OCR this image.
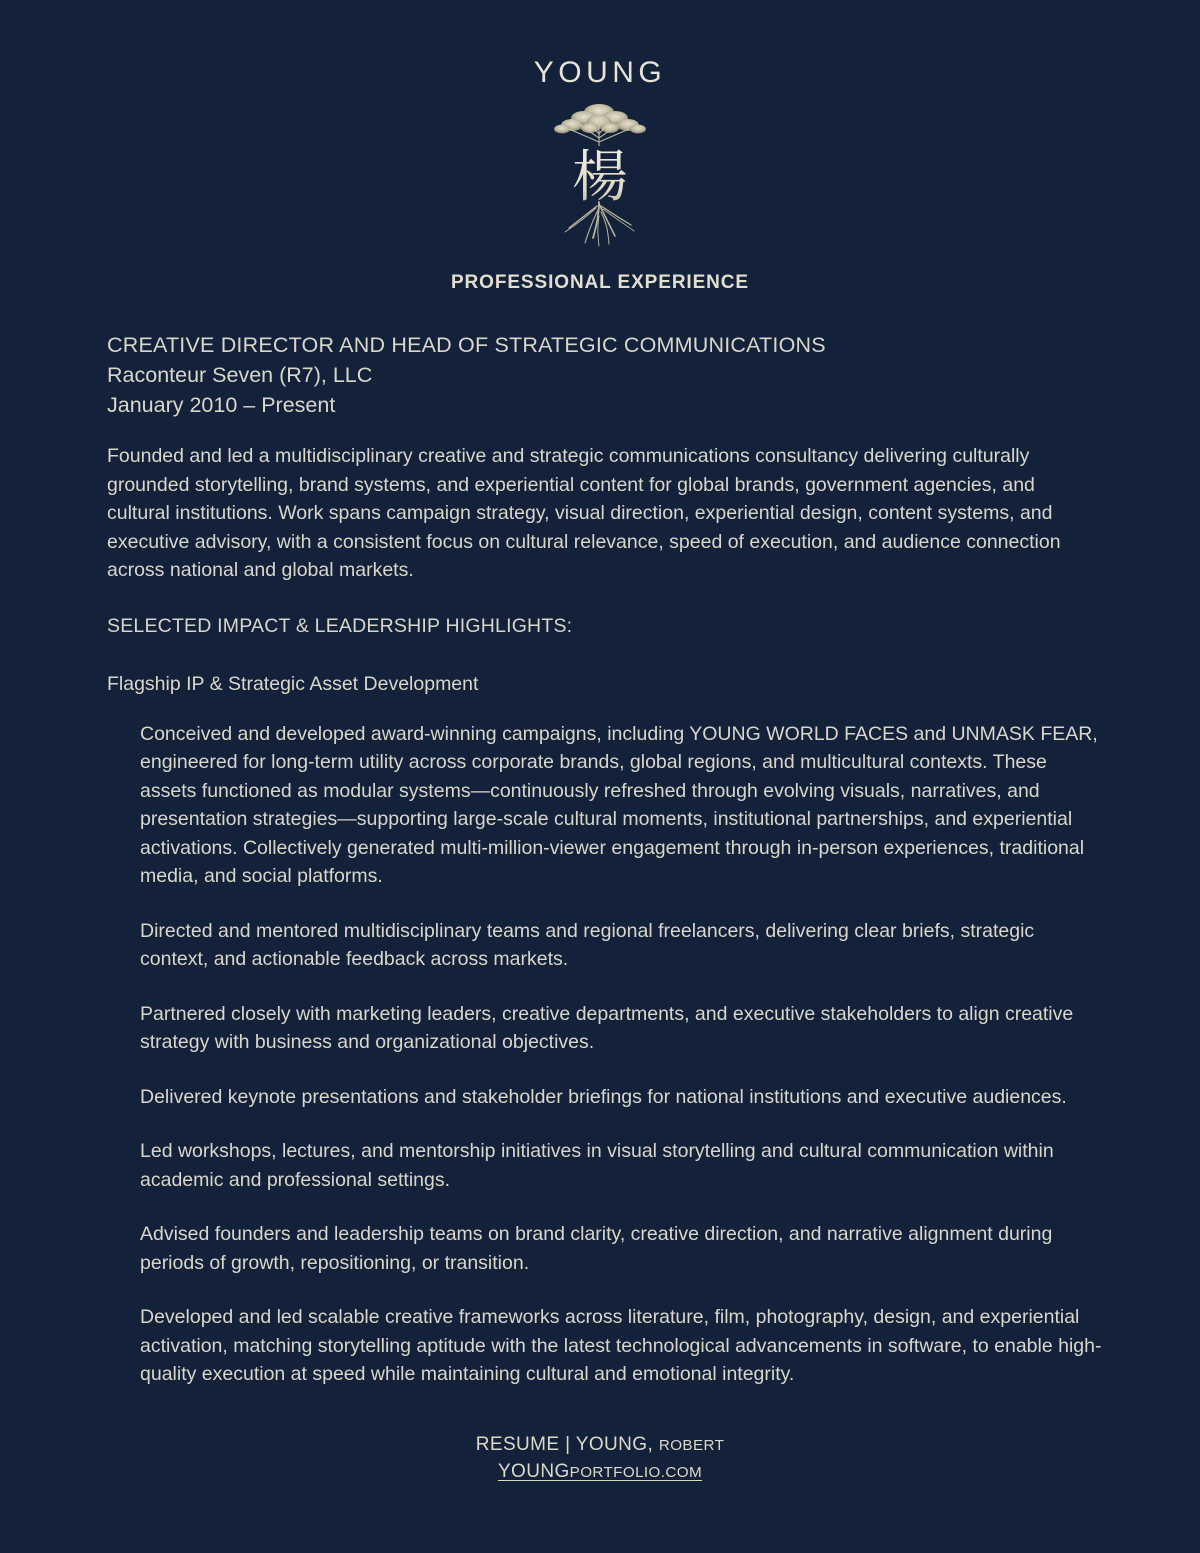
YOUNG
楊
PROFESSIONAL EXPERIENCE
CREATIVE DIRECTOR AND HEAD OF STRATEGIC COMMUNICATIONS
Raconteur Seven (R7), LLC
January 2010 – Present
Founded and led a multidisciplinary creative and strategic communications consultancy delivering culturally grounded storytelling, brand systems, and experiential content for global brands, government agencies, and cultural institutions. Work spans campaign strategy, visual direction, experiential design, content systems, and executive advisory, with a consistent focus on cultural relevance, speed of execution, and audience connection across national and global markets.
SELECTED IMPACT & LEADERSHIP HIGHLIGHTS:
Flagship IP & Strategic Asset Development
Conceived and developed award-winning campaigns, including YOUNG WORLD FACES and UNMASK FEAR, engineered for long-term utility across corporate brands, global regions, and multicultural contexts. These assets functioned as modular systems—continuously refreshed through evolving visuals, narratives, and presentation strategies—supporting large-scale cultural moments, institutional partnerships, and experiential activations. Collectively generated multi-million-viewer engagement through in-person experiences, traditional media, and social platforms.
Directed and mentored multidisciplinary teams and regional freelancers, delivering clear briefs, strategic context, and actionable feedback across markets.
Partnered closely with marketing leaders, creative departments, and executive stakeholders to align creative strategy with business and organizational objectives.
Delivered keynote presentations and stakeholder briefings for national institutions and executive audiences.
Led workshops, lectures, and mentorship initiatives in visual storytelling and cultural communication within academic and professional settings.
Advised founders and leadership teams on brand clarity, creative direction, and narrative alignment during periods of growth, repositioning, or transition.
Developed and led scalable creative frameworks across literature, film, photography, design, and experiential activation, matching storytelling aptitude with the latest technological advancements in software, to enable high-quality execution at speed while maintaining cultural and emotional integrity.
RESUME | YOUNG, ROBERT
YOUNGPORTFOLIO.COM
